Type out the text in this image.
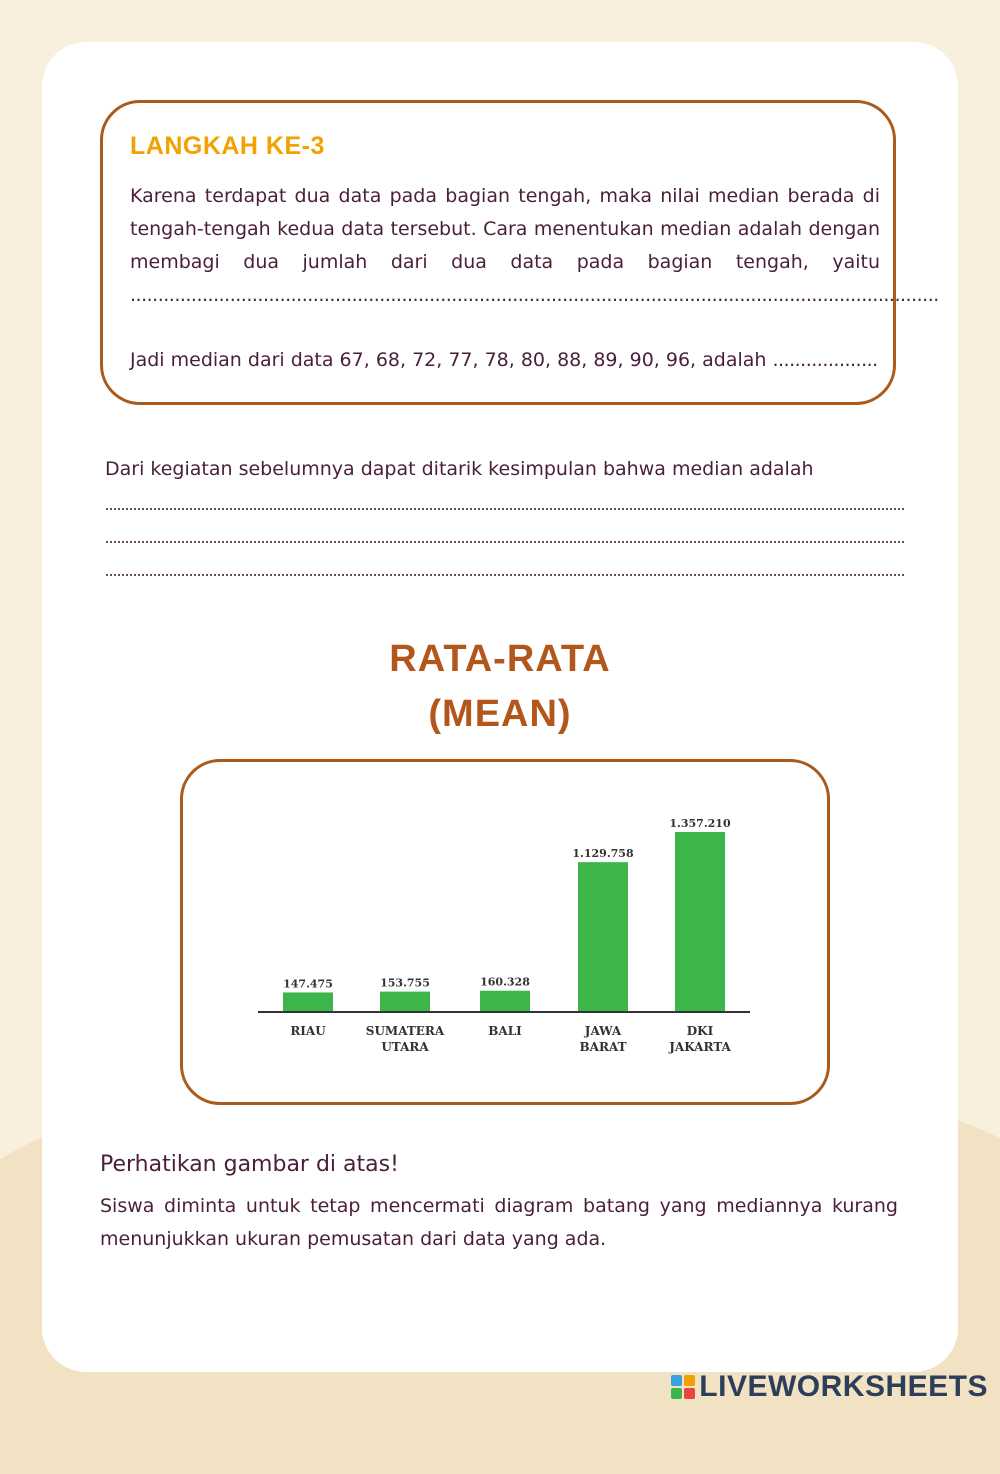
LANGKAH KE-3
Karena terdapat dua data pada bagian tengah, maka nilai median berada di tengah-tengah kedua data tersebut. Cara menentukan median adalah dengan membagi dua jumlah dari dua data pada bagian tengah, yaitu ..................................................................................................................................................
Jadi median dari data 67, 68, 72, 77, 78, 80, 88, 89, 90, 96, adalah ...................
Dari kegiatan sebelumnya dapat ditarik kesimpulan bahwa median adalah
RATA-RATA
(MEAN)
147.475
RIAU
153.755
SUMATERA
UTARA
160.328
BALI
1.129.758
JAWA
BARAT
1.357.210
DKI
JAKARTA
Perhatikan gambar di atas!
Siswa diminta untuk tetap mencermati diagram batang yang mediannya kurang menunjukkan ukuran pemusatan dari data yang ada.
LIVEWORKSHEETS
